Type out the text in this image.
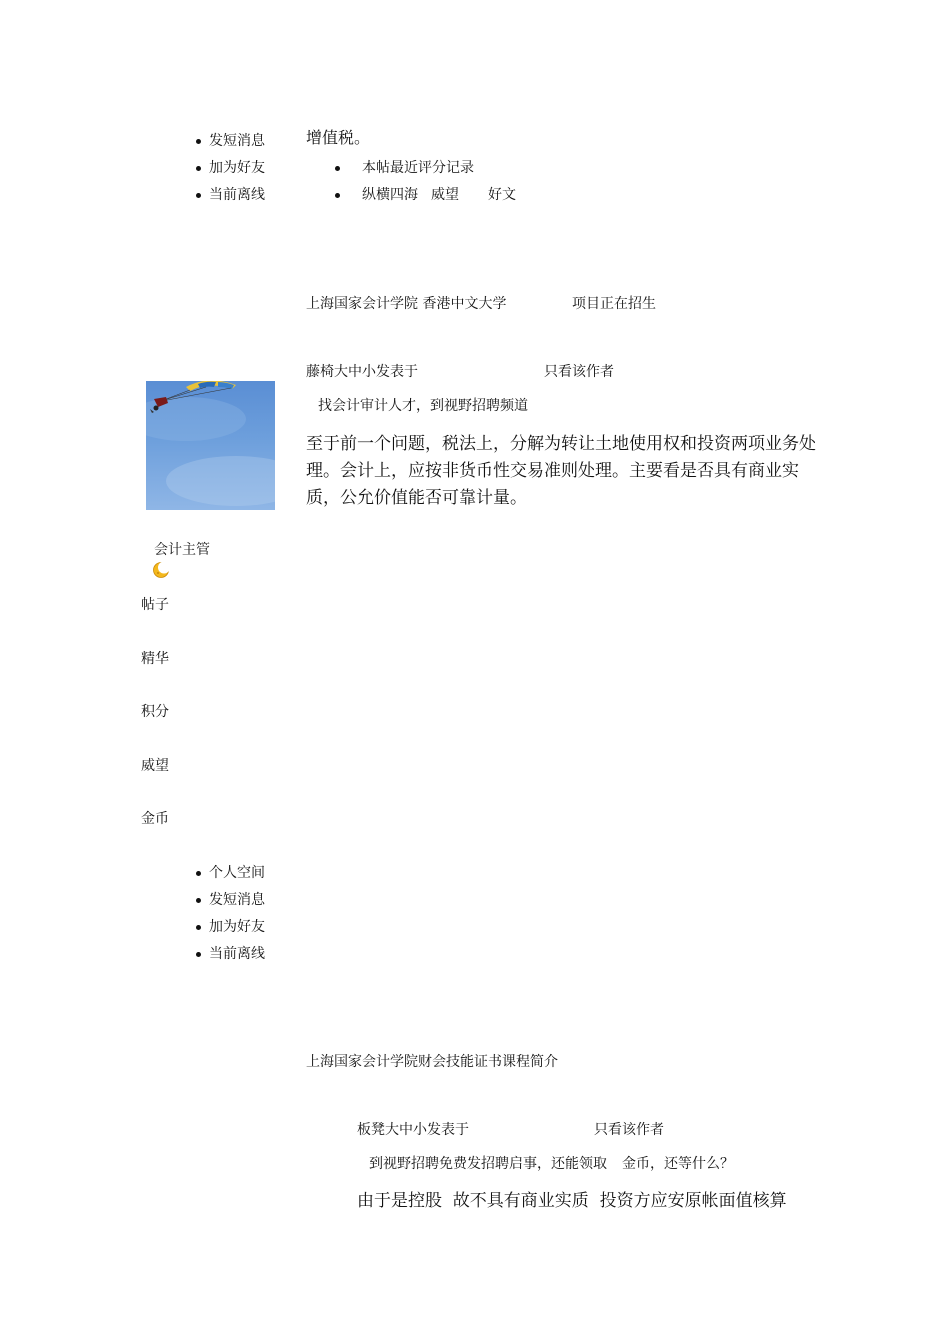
发短消息
加为好友
当前离线
增值税。
本帖最近评分记录
纵横四海 威望 好文
上海国家会计学院 香港中文大学	项目正在招生
藤椅大中小发表于	只看该作者
找会计审计人才，到视野招聘频道
至于前一个问题，税法上，分解为转让土地使用权和投资两项业务处理。会计上，应按非货币性交易准则处理。主要看是否具有商业实质，公允价值能否可靠计量。
会计主管
帖子
精华
积分
威望
金币
个人空间
发短消息
加为好友
当前离线
上海国家会计学院财会技能证书课程简介
板凳大中小发表于	只看该作者
到视野招聘免费发招聘启事，还能领取 金币，还等什么？
由于是控股  故不具有商业实质  投资方应安原帐面值核算
